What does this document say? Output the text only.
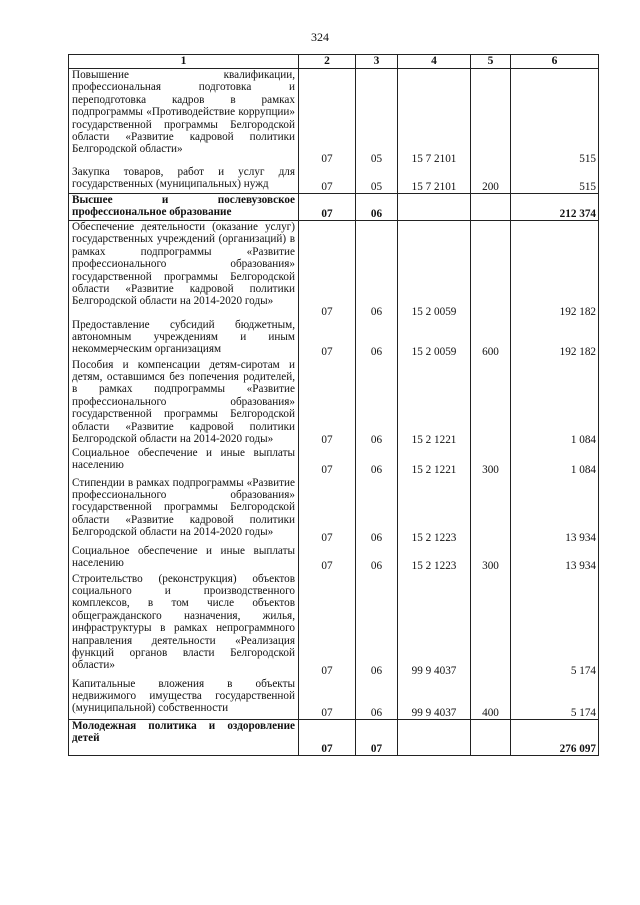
324
1	2	3	4	5	6
Повышение квалификации, профессиональная подготовка и переподготовка кадров в рамках подпрограммы «Противодействие коррупции» государственной программы Белгородской области «Развитие кадровой политики Белгородской области»	07	05	15 7 2101		515
Закупка товаров, работ и услуг для государственных (муниципальных) нужд	07	05	15 7 2101	200	515
Высшее и послевузовское профессиональное образование	07	06			212 374
Обеспечение деятельности (оказание услуг) государственных учреждений (организаций) в рамках подпрограммы «Развитие профессионального образования» государственной программы Белгородской области «Развитие кадровой политики Белгородской области на 2014-2020 годы»	07	06	15 2 0059		192 182
Предоставление субсидий бюджетным, автономным учреждениям и иным некоммерческим организациям	07	06	15 2 0059	600	192 182
Пособия и компенсации детям-сиротам и детям, оставшимся без попечения родителей, в рамках подпрограммы «Развитие профессионального образования» государственной программы Белгородской области «Развитие кадровой политики Белгородской области на 2014-2020 годы»	07	06	15 2 1221		1 084
Социальное обеспечение и иные выплаты населению	07	06	15 2 1221	300	1 084
Стипендии в рамках подпрограммы «Развитие профессионального образования» государственной программы Белгородской области «Развитие кадровой политики Белгородской области на 2014-2020 годы»	07	06	15 2 1223		13 934
Социальное обеспечение и иные выплаты населению	07	06	15 2 1223	300	13 934
Строительство (реконструкция) объектов социального и производственного комплексов, в том числе объектов общегражданского назначения, жилья, инфраструктуры в рамках непрограммного направления деятельности «Реализация функций органов власти Белгородской области»	07	06	99 9 4037		5 174
Капитальные вложения в объекты недвижимого имущества государственной (муниципальной) собственности	07	06	99 9 4037	400	5 174
Молодежная политика и оздоровление детей	07	07			276 097
